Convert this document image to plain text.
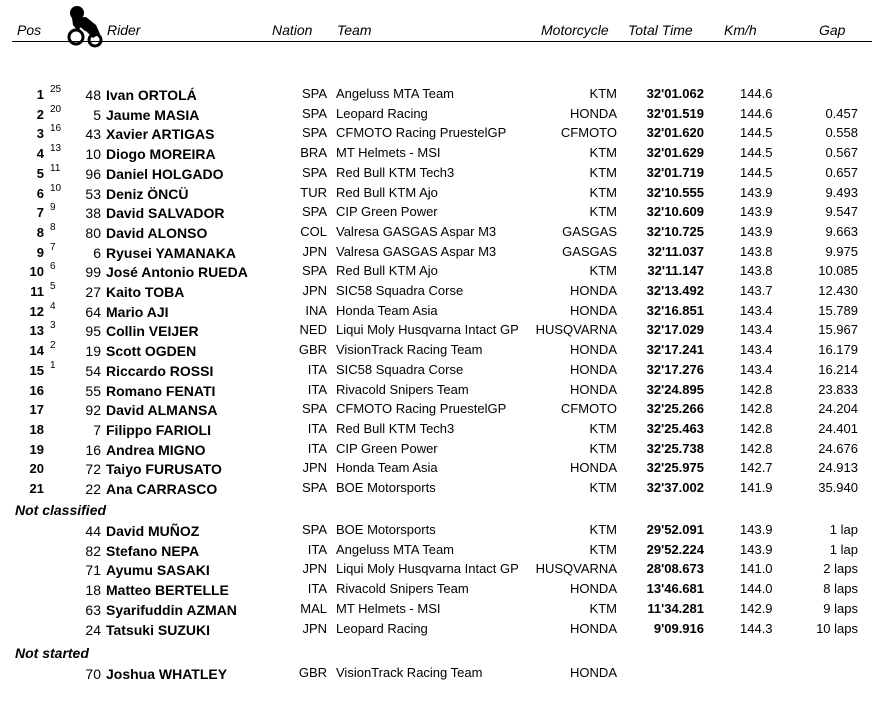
Pos	Rider	Nation Team	Motorcycle Total Time Km/h	Gap
1 25	48 Ivan ORTOLÁ	SPA Angeluss MTA Team	KTM	32'01.062	144.6
2 20	5 Jaume MASIA	SPA Leopard Racing	HONDA	32'01.519	144.6	0.457
3 16	43 Xavier ARTIGAS	SPA CFMOTO Racing PruestelGP	CFMOTO	32'01.620	144.5	0.558
4 13	10 Diogo MOREIRA	BRA MT Helmets - MSI	KTM	32'01.629	144.5	0.567
5 11	96 Daniel HOLGADO	SPA Red Bull KTM Tech3	KTM	32'01.719	144.5	0.657
6 10	53 Deniz ÖNCÜ	TUR Red Bull KTM Ajo	KTM	32'10.555	143.9	9.493
7 9	38 David SALVADOR	SPA CIP Green Power	KTM	32'10.609	143.9	9.547
8 8	80 David ALONSO	COL Valresa GASGAS Aspar M3	GASGAS	32'10.725	143.9	9.663
9 7	6 Ryusei YAMANAKA	JPN Valresa GASGAS Aspar M3	GASGAS	32'11.037	143.8	9.975
10 6	99 José Antonio RUEDA	SPA Red Bull KTM Ajo	KTM	32'11.147	143.8	10.085
11 5	27 Kaito TOBA	JPN SIC58 Squadra Corse	HONDA	32'13.492	143.7	12.430
12 4	64 Mario AJI	INA Honda Team Asia	HONDA	32'16.851	143.4	15.789
13 3	95 Collin VEIJER	NED Liqui Moly Husqvarna Intact GP	HUSQVARNA	32'17.029	143.4	15.967
14 2	19 Scott OGDEN	GBR VisionTrack Racing Team	HONDA	32'17.241	143.4	16.179
15 1	54 Riccardo ROSSI	ITA SIC58 Squadra Corse	HONDA	32'17.276	143.4	16.214
16	55 Romano FENATI	ITA Rivacold Snipers Team	HONDA	32'24.895	142.8	23.833
17	92 David ALMANSA	SPA CFMOTO Racing PruestelGP	CFMOTO	32'25.266	142.8	24.204
18	7 Filippo FARIOLI	ITA Red Bull KTM Tech3	KTM	32'25.463	142.8	24.401
19	16 Andrea MIGNO	ITA CIP Green Power	KTM	32'25.738	142.8	24.676
20	72 Taiyo FURUSATO	JPN Honda Team Asia	HONDA	32'25.975	142.7	24.913
21	22 Ana CARRASCO	SPA BOE Motorsports	KTM	32'37.002	141.9	35.940
Not classified
44 David MUÑOZ	SPA BOE Motorsports	KTM	29'52.091	143.9	1 lap
82 Stefano NEPA	ITA Angeluss MTA Team	KTM	29'52.224	143.9	1 lap
71 Ayumu SASAKI	JPN Liqui Moly Husqvarna Intact GP	HUSQVARNA	28'08.673	141.0	2 laps
18 Matteo BERTELLE	ITA Rivacold Snipers Team	HONDA	13'46.681	144.0	8 laps
63 Syarifuddin AZMAN	MAL MT Helmets - MSI	KTM	11'34.281	142.9	9 laps
24 Tatsuki SUZUKI	JPN Leopard Racing	HONDA	9'09.916	144.3	10 laps
Not started
70 Joshua WHATLEY	GBR VisionTrack Racing Team	HONDA
